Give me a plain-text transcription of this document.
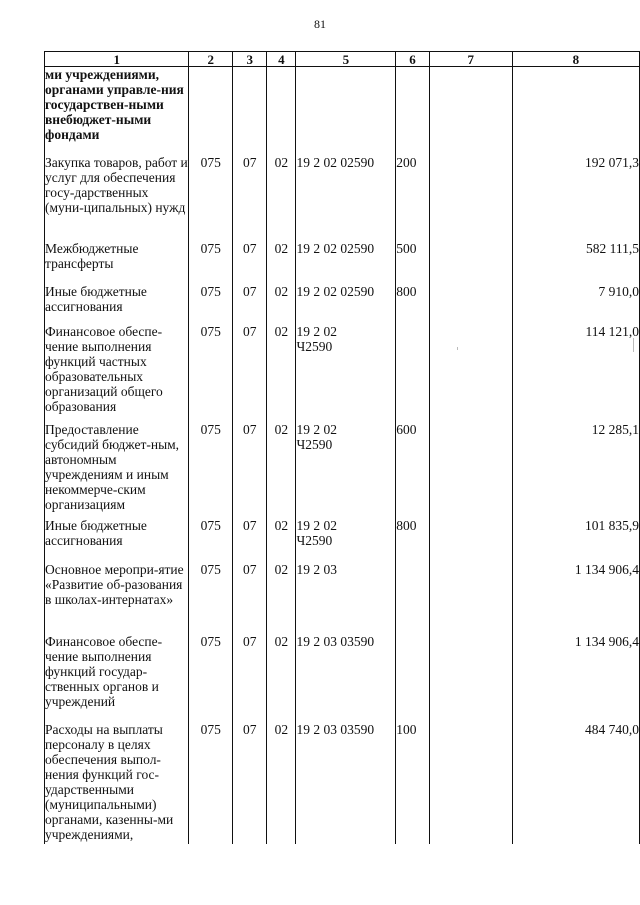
81
1	2	3	4	5	6	7	8
ми учреждениями, органами управле-ния государствен-ными внебюджет-ными фондами							
Закупка товаров, работ и услуг для обеспечения госу-дарственных (муни-ципальных) нужд	075	07	02	19 2 02 02590	200		192 071,3
Межбюджетные трансферты	075	07	02	19 2 02 02590	500		582 111,5
Иные бюджетные ассигнования	075	07	02	19 2 02 02590	800		7 910,0
Финансовое обеспе-чение выполнения функций частных образовательных организаций общего образования	075	07	02	19 2 02 Ч2590			114 121,0
Предоставление субсидий бюджет-ным, автономным учреждениям и иным некоммерче-ским организациям	075	07	02	19 2 02 Ч2590	600		12 285,1
Иные бюджетные ассигнования	075	07	02	19 2 02 Ч2590	800		101 835,9
Основное меропри-ятие «Развитие об-разования в школах-интернатах»	075	07	02	19 2 03			1 134 906,4
Финансовое обеспе-чение выполнения функций государ-ственных органов и учреждений	075	07	02	19 2 03 03590			1 134 906,4
Расходы на выплаты персоналу в целях обеспечения выпол-нения функций гос-ударственными (муниципальными) органами, казенны-ми учреждениями,	075	07	02	19 2 03 03590	100		484 740,0
